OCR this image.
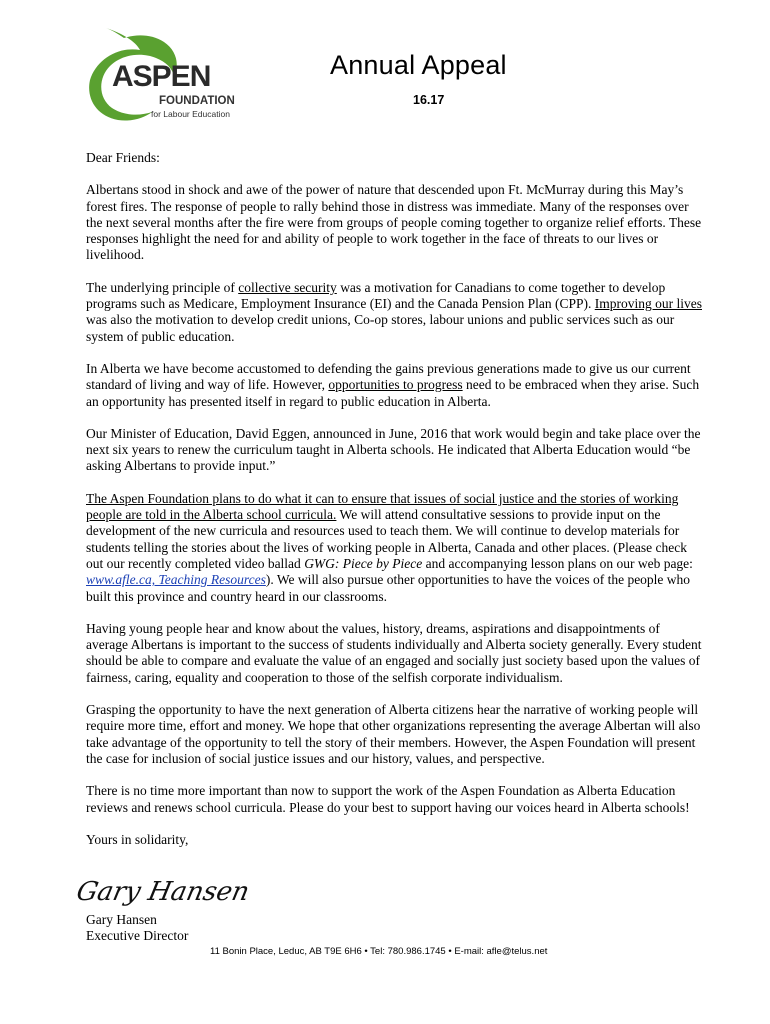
ASPEN
FOUNDATION
for Labour Education
Annual Appeal
16.17

Dear Friends:

Albertans stood in shock and awe of the power of nature that descended upon Ft. McMurray during this May’s forest fires. The response of people to rally behind those in distress was immediate. Many of the responses over the next several months after the fire were from groups of people coming together to organize relief efforts. These responses highlight the need for and ability of people to work together in the face of threats to our lives or livelihood.

The underlying principle of collective security was a motivation for Canadians to come together to develop programs such as Medicare, Employment Insurance (EI) and the Canada Pension Plan (CPP). Improving our lives was also the motivation to develop credit unions, Co-op stores, labour unions and public services such as our system of public education.

In Alberta we have become accustomed to defending the gains previous generations made to give us our current standard of living and way of life. However, opportunities to progress need to be embraced when they arise. Such an opportunity has presented itself in regard to public education in Alberta.

Our Minister of Education, David Eggen, announced in June, 2016 that work would begin and take place over the next six years to renew the curriculum taught in Alberta schools. He indicated that Alberta Education would “be asking Albertans to provide input.”

The Aspen Foundation plans to do what it can to ensure that issues of social justice and the stories of working people are told in the Alberta school curricula. We will attend consultative sessions to provide input on the development of the new curricula and resources used to teach them. We will continue to develop materials for students telling the stories about the lives of working people in Alberta, Canada and other places. (Please check out our recently completed video ballad GWG: Piece by Piece and accompanying lesson plans on our web page: www.afle.ca, Teaching Resources). We will also pursue other opportunities to have the voices of the people who built this province and country heard in our classrooms.

Having young people hear and know about the values, history, dreams, aspirations and disappointments of average Albertans is important to the success of students individually and Alberta society generally. Every student should be able to compare and evaluate the value of an engaged and socially just society based upon the values of fairness, caring, equality and cooperation to those of the selfish corporate individualism.

Grasping the opportunity to have the next generation of Alberta citizens hear the narrative of working people will require more time, effort and money. We hope that other organizations representing the average Albertan will also take advantage of the opportunity to tell the story of their members. However, the Aspen Foundation will present the case for inclusion of social justice issues and our history, values, and perspective.

There is no time more important than now to support the work of the Aspen Foundation as Alberta Education reviews and renews school curricula. Please do your best to support having our voices heard in Alberta schools!

Yours in solidarity,

Gary Hansen
Gary Hansen
Executive Director
11 Bonin Place, Leduc, AB T9E 6H6 • Tel: 780.986.1745 • E-mail: afle@telus.net
